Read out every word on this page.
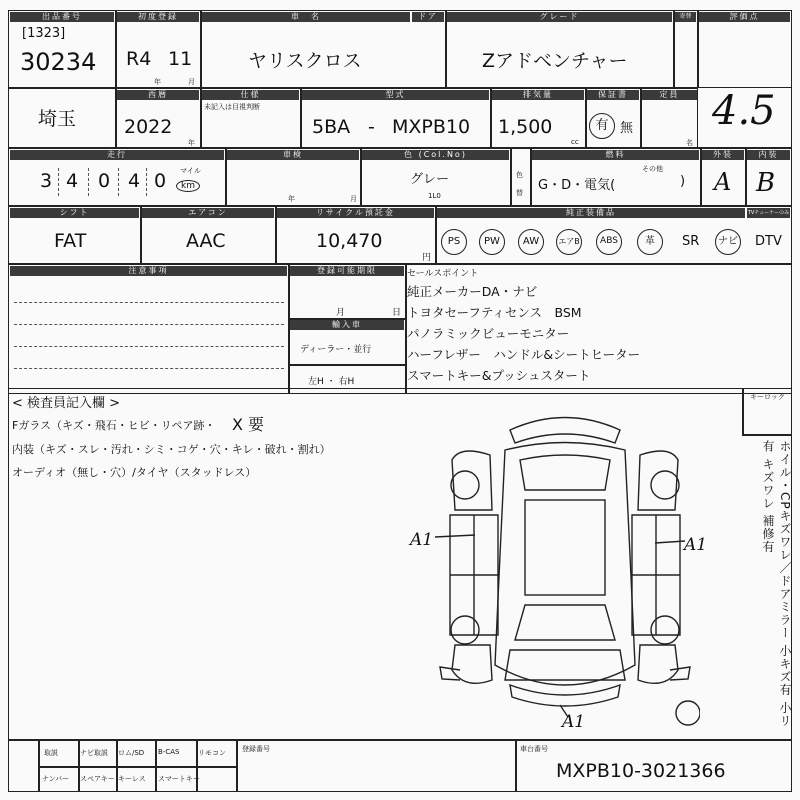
出品番号
[1323]
30234
初度登録
R4 11
年	月
車　名	ドア
ヤリスクロス
グレード
Zアドベンチャー
寄替	評価点
4.5
埼玉
西暦
2022
年
仕様
未記入は目視判断
型式
5BA - MXPB10
排気量
1,500
cc
保証書
有 無
定員
名
走行
3 4 0 4 0 マイル
km
車検
年	月
色 (Col.No)
グレー
1L0
色
替
燃料
G・D・電気(	)
その他
外装
A
内装
B
シフト
FAT
エアコン
AAC
リサイクル預託金
10,470
円
純正装備品	TVチューナーのみ
PS	PW	AW	エアB	ABS	革	SR	ナビ DTV
注意事項	登録可能期限
月	日
輸入車
ディーラー・並行
左H ・ 右H
セールスポイント
純正メーカーDA・ナビ
トヨタセーフティセンス　BSM
パノラミックビューモニター
ハーフレザー　ハンドル&シートヒーター
スマートキー&プッシュスタート
< 検査員記入欄 >	キーロック
Fガラス（キズ・飛石・ヒビ・リペア跡・ X 要
内装（キズ・スレ・汚れ・シミ・コゲ・穴・キレ・破れ・割れ）
オーディオ（無し・穴）/タイヤ（スタッドレス）
A1	A1
A1	ホイル・CPキズワレ／ドアミラー 小キズ有 小リ有 キズワレ 補修有
取説	ナビ取説 ロム/SD B-CAS	リモコン
ナンバー スペアキー キーレス スマートキー
登録番号	車台番号
MXPB10-3021366
